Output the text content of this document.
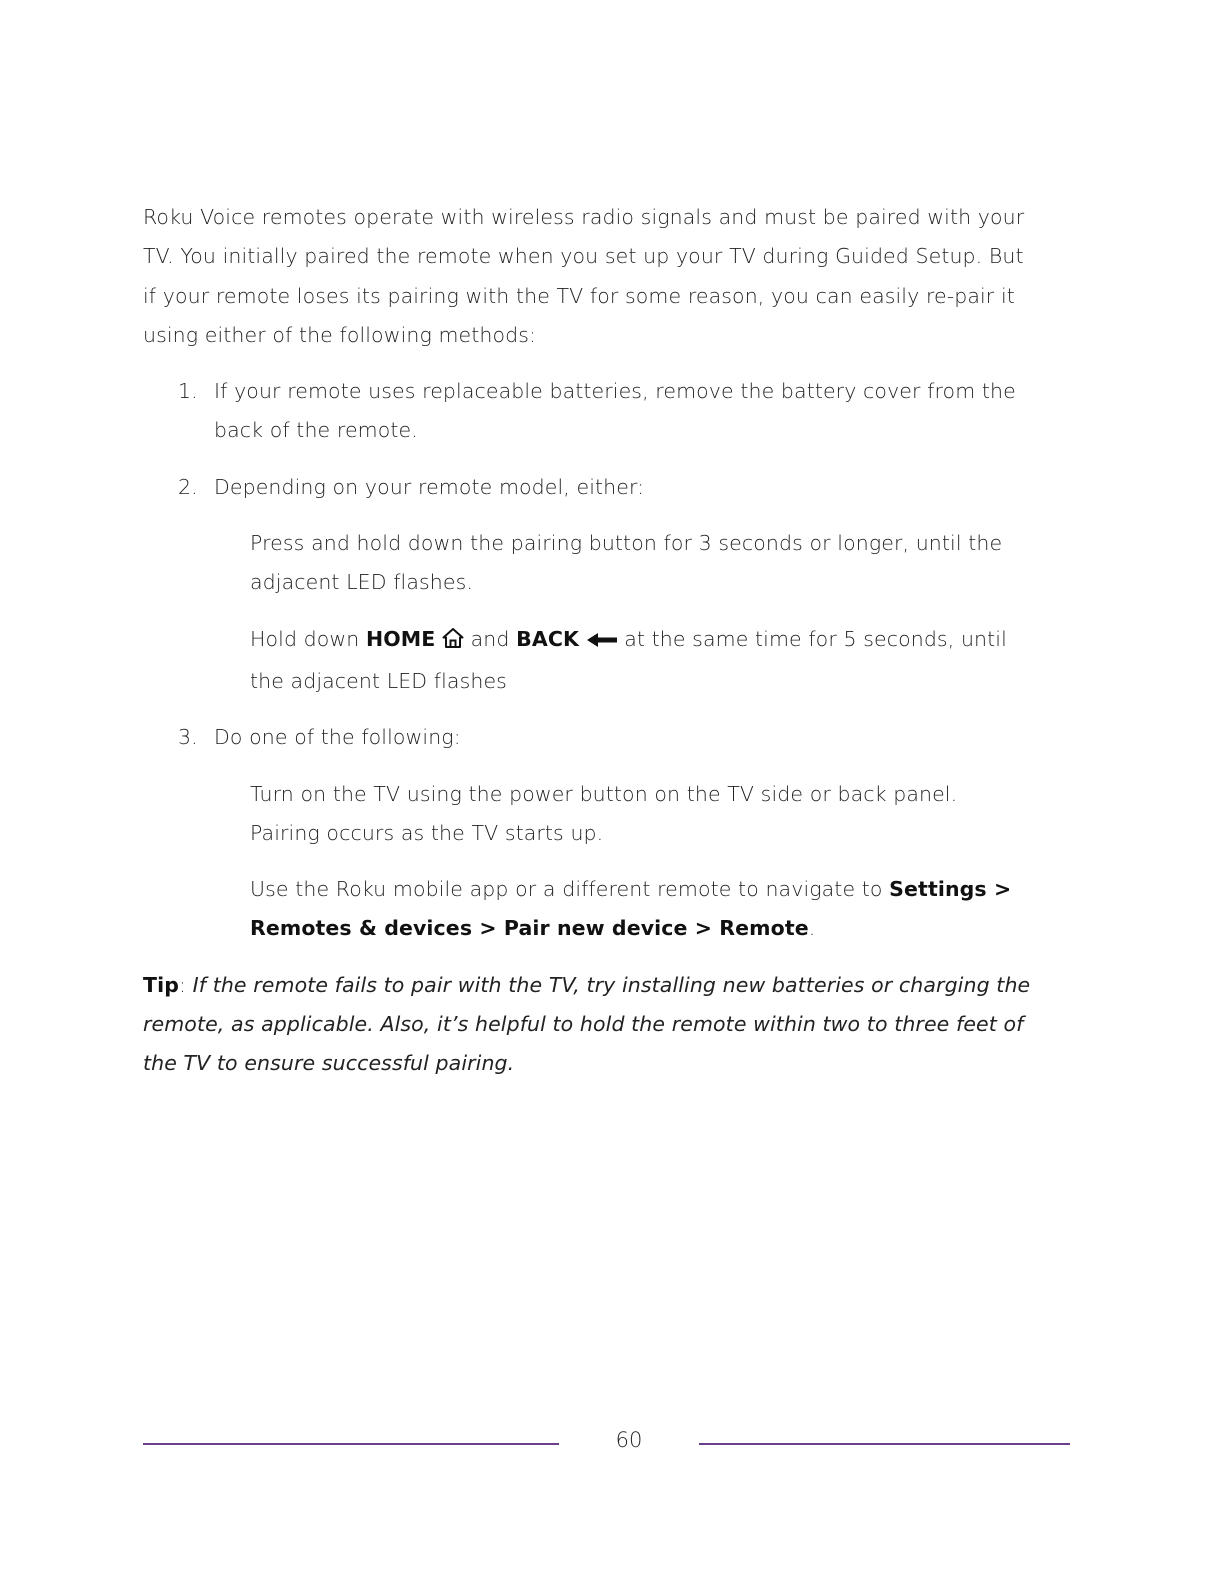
Roku Voice remotes operate with wireless radio signals and must be paired with your

TV. You initially paired the remote when you set up your TV during Guided Setup. But

if your remote loses its pairing with the TV for some reason, you can easily re-pair it

using either of the following methods:

1. If your remote uses replaceable batteries, remove the battery cover from the

back of the remote.

2. Depending on your remote model, either:

Press and hold down the pairing button for 3 seconds or longer, until the

adjacent LED flashes.

Hold down HOME  and BACK  at the same time for 5 seconds, until

the adjacent LED flashes

3. Do one of the following:

Turn on the TV using the power button on the TV side or back panel.

Pairing occurs as the TV starts up.

Use the Roku mobile app or a different remote to navigate to Settings >

Remotes & devices > Pair new device > Remote.

Tip: If the remote fails to pair with the TV, try installing new batteries or charging the

remote, as applicable. Also, it’s helpful to hold the remote within two to three feet of

the TV to ensure successful pairing.

60
